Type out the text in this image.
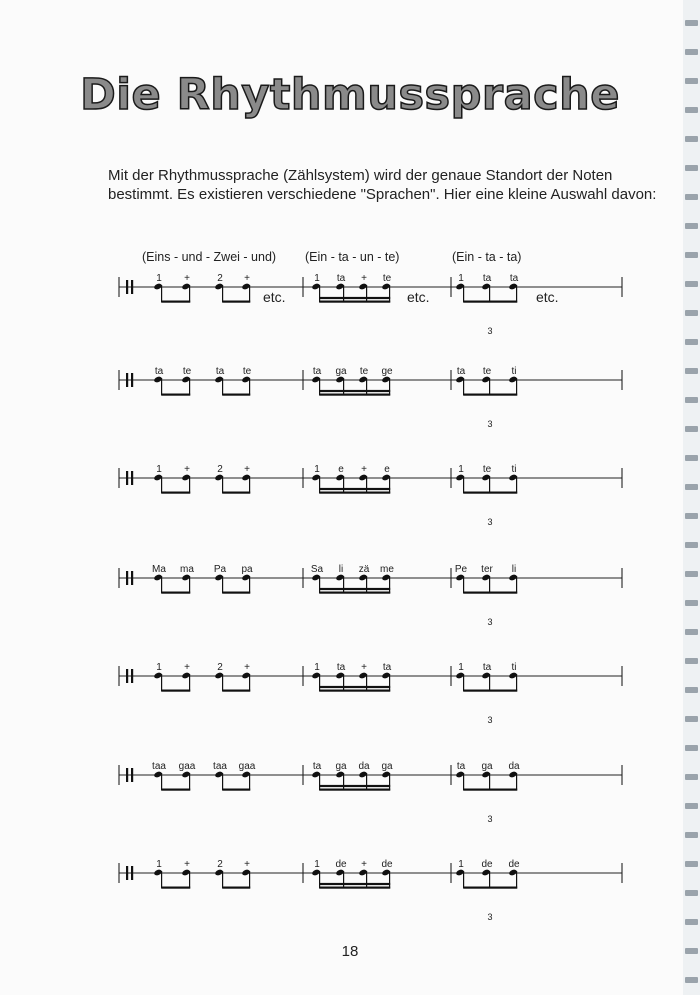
Die Rhythmussprache

Mit der Rhythmussprache (Zählsystem) wird der genaue Standort der Noten

bestimmt. Es existieren verschiedene "Sprachen". Hier eine kleine Auswahl davon:

(Eins - und - Zwei - und) (Ein - ta - un - te)	(Ein - ta - ta)
1 +	2 +	1 ta + te	1 ta ta
etc.	etc.	etc.
3
ta te ta te	ta ga te ge	ta te ti
3
1 +	2 +	1 e + e	1 te ti
3
Ma ma Pa pa	Sa li zä me	Pe ter li
3
1 +	2 +	1 ta + ta	1 ta ti
3
taa gaa taa gaa	ta ga da ga	ta ga da
3
1 +	2 +	1 de + de	1 de de
3
18
